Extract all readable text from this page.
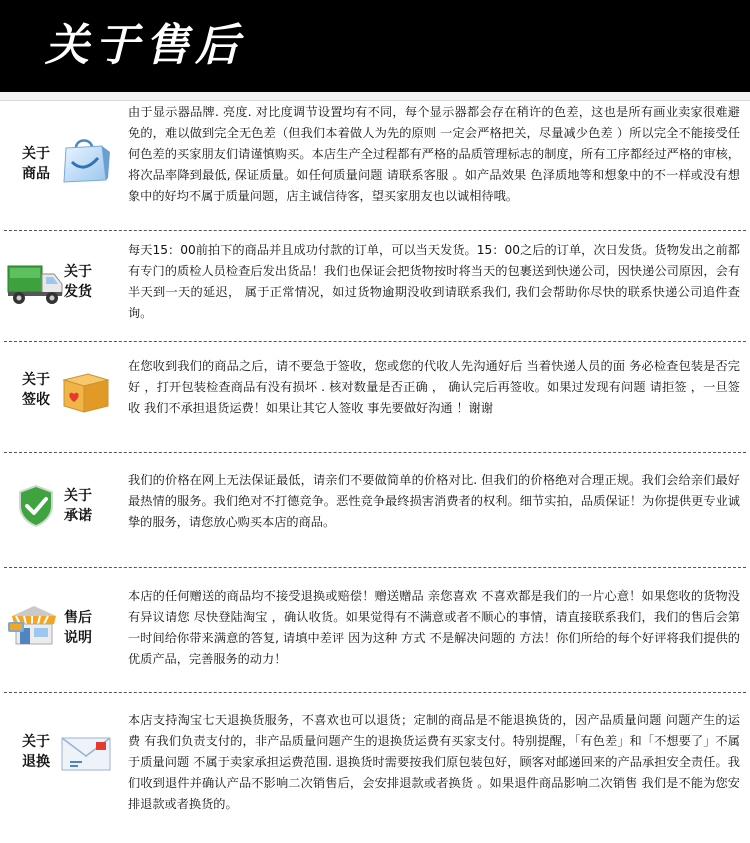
关于售后
关于
商品

由于显示器品牌. 亮度. 对比度调节设置均有不同，每个显示器都会存在稍许的色差，这也是所有画业卖家很难避免的，难以做到完全无色差（但我们本着做人为先的原则 一定会严格把关，尽量减少色差 ）所以完全不能接受任何色差的买家朋友们请谨慎购买。本店生产全过程都有严格的品质管理标志的制度，所有工序都经过严格的审核，将次品率降到最低, 保证质量。如任何质量问题 请联系客服 。如产品效果 色泽质地等和想象中的不一样或没有想象中的好均不属于质量问题，店主诚信待客，望买家朋友也以诚相待哦。

关于
发货

每天15：00前拍下的商品并且成功付款的订单，可以当天发货。15：00之后的订单，次日发货。货物发出之前都有专门的质检人员检查后发出货品！我们也保证会把货物按时将当天的包裹送到快递公司，因快递公司原因，会有半天到一天的延迟， 属于正常情况，如过货物逾期没收到请联系我们, 我们会帮助你尽快的联系快递公司追件查询。

关于
签收

在您收到我们的商品之后，请不要急于签收，您或您的代收人先沟通好后 当着快递人员的面 务必检查包装是否完好 ，打开包装检查商品有没有损坏 . 核对数量是否正确 ， 确认完后再签收。如果过发现有问题 请拒签 ，一旦签收 我们不承担退货运费！如果让其它人签收 事先要做好沟通 ！谢谢

关于
承诺

我们的价格在网上无法保证最低，请亲们不要做简单的价格对比. 但我们的价格绝对合理正规。我们会给亲们最好最热情的服务。我们绝对不打德竞争。恶性竞争最终损害消费者的权利。细节实拍，品质保证！为你提供更专业诚挚的服务，请您放心购买本店的商品。

售后
说明

本店的任何赠送的商品均不接受退换或赔偿！赠送赠品 亲您喜欢 不喜欢都是我们的一片心意！如果您收的货物没有异议请您 尽快登陆淘宝 ，确认收货。如果觉得有不满意或者不顺心的事情，请直接联系我们，我们的售后会第一时间给你带来满意的答复, 请填中差评 因为这种 方式 不是解决问题的 方法！你们所给的每个好评将我们提供的优质产品，完善服务的动力！

关于
退换

本店支持淘宝七天退换货服务，不喜欢也可以退货；定制的商品是不能退换货的，因产品质量问题 问题产生的运费 有我们负责支付的，非产品质量问题产生的退换货运费有买家支付。特别提醒，「有色差」和「不想要了」不属于质量问题 不属于卖家承担运费范围. 退换货时需要按我们原包装包好，顾客对邮递回来的产品承担安全责任。我们收到退件并确认产品不影响二次销售后，会安排退款或者换货 。如果退件商品影响二次销售 我们是不能为您安排退款或者换货的。
